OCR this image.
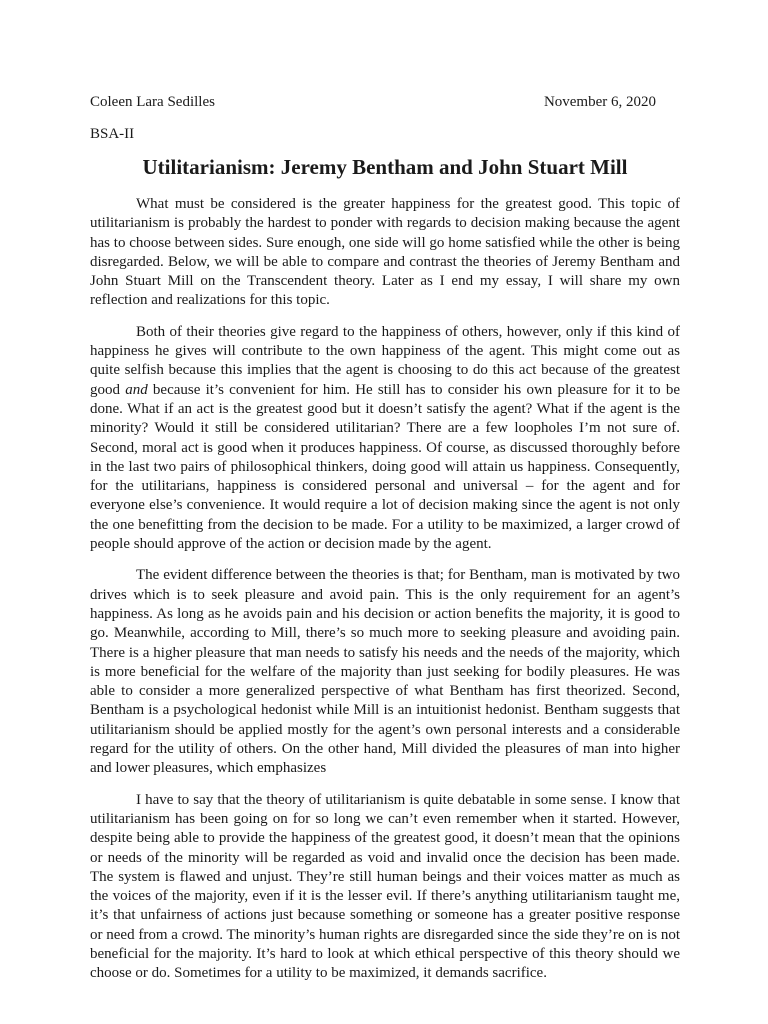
Coleen Lara Sedilles	November 6, 2020
BSA-II
Utilitarianism: Jeremy Bentham and John Stuart Mill

What must be considered is the greater happiness for the greatest good. This topic of utilitarianism is probably the hardest to ponder with regards to decision making because the agent has to choose between sides. Sure enough, one side will go home satisfied while the other is being disregarded. Below, we will be able to compare and contrast the theories of Jeremy Bentham and John Stuart Mill on the Transcendent theory. Later as I end my essay, I will share my own reflection and realizations for this topic.

Both of their theories give regard to the happiness of others, however, only if this kind of happiness he gives will contribute to the own happiness of the agent. This might come out as quite selfish because this implies that the agent is choosing to do this act because of the greatest good and because it’s convenient for him. He still has to consider his own pleasure for it to be done. What if an act is the greatest good but it doesn’t satisfy the agent? What if the agent is the minority? Would it still be considered utilitarian? There are a few loopholes I’m not sure of. Second, moral act is good when it produces happiness. Of course, as discussed thoroughly before in the last two pairs of philosophical thinkers, doing good will attain us happiness. Consequently, for the utilitarians, happiness is considered personal and universal – for the agent and for everyone else’s convenience. It would require a lot of decision making since the agent is not only the one benefitting from the decision to be made. For a utility to be maximized, a larger crowd of people should approve of the action or decision made by the agent.

The evident difference between the theories is that; for Bentham, man is motivated by two drives which is to seek pleasure and avoid pain. This is the only requirement for an agent’s happiness. As long as he avoids pain and his decision or action benefits the majority, it is good to go. Meanwhile, according to Mill, there’s so much more to seeking pleasure and avoiding pain. There is a higher pleasure that man needs to satisfy his needs and the needs of the majority, which is more beneficial for the welfare of the majority than just seeking for bodily pleasures. He was able to consider a more generalized perspective of what Bentham has first theorized. Second, Bentham is a psychological hedonist while Mill is an intuitionist hedonist. Bentham suggests that utilitarianism should be applied mostly for the agent’s own personal interests and a considerable regard for the utility of others. On the other hand, Mill divided the pleasures of man into higher and lower pleasures, which emphasizes

I have to say that the theory of utilitarianism is quite debatable in some sense. I know that utilitarianism has been going on for so long we can’t even remember when it started. However, despite being able to provide the happiness of the greatest good, it doesn’t mean that the opinions or needs of the minority will be regarded as void and invalid once the decision has been made. The system is flawed and unjust. They’re still human beings and their voices matter as much as the voices of the majority, even if it is the lesser evil. If there’s anything utilitarianism taught me, it’s that unfairness of actions just because something or someone has a greater positive response or need from a crowd. The minority’s human rights are disregarded since the side they’re on is not beneficial for the majority. It’s hard to look at which ethical perspective of this theory should we choose or do. Sometimes for a utility to be maximized, it demands sacrifice.
